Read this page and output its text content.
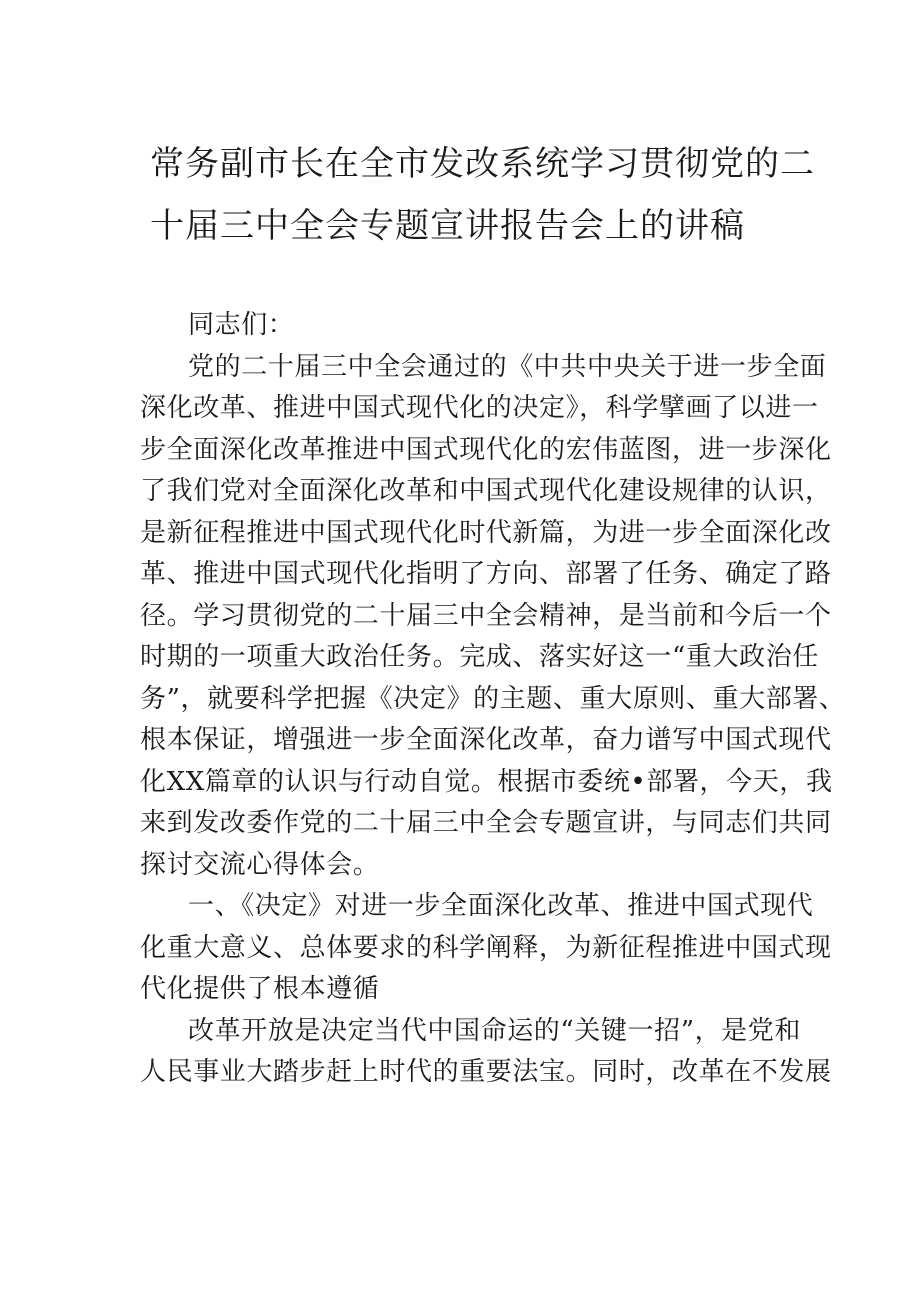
常务副市长在全市发改系统学习贯彻党的二
十届三中全会专题宣讲报告会上的讲稿

同志们：

党的二十届三中全会通过的《中共中央关于进一步全面
深化改革、推进中国式现代化的决定》，科学擘画了以进一
步全面深化改革推进中国式现代化的宏伟蓝图，进一步深化
了我们党对全面深化改革和中国式现代化建设规律的认识，
是新征程推进中国式现代化时代新篇，为进一步全面深化改
革、推进中国式现代化指明了方向、部署了任务、确定了路
径。学习贯彻党的二十届三中全会精神，是当前和今后一个
时期的一项重大政治任务。完成、落实好这一“重大政治任
务”，就要科学把握《决定》的主题、重大原则、重大部署、
根本保证，增强进一步全面深化改革，奋力谱写中国式现代
化XX篇章的认识与行动自觉。根据市委统•部署，今天，我
来到发改委作党的二十届三中全会专题宣讲，与同志们共同
探讨交流心得体会。

一、《决定》对进一步全面深化改革、推进中国式现代
化重大意义、总体要求的科学阐释，为新征程推进中国式现
代化提供了根本遵循

改革开放是决定当代中国命运的“关键一招”，是党和
人民事业大踏步赶上时代的重要法宝。同时，改革在不发展
